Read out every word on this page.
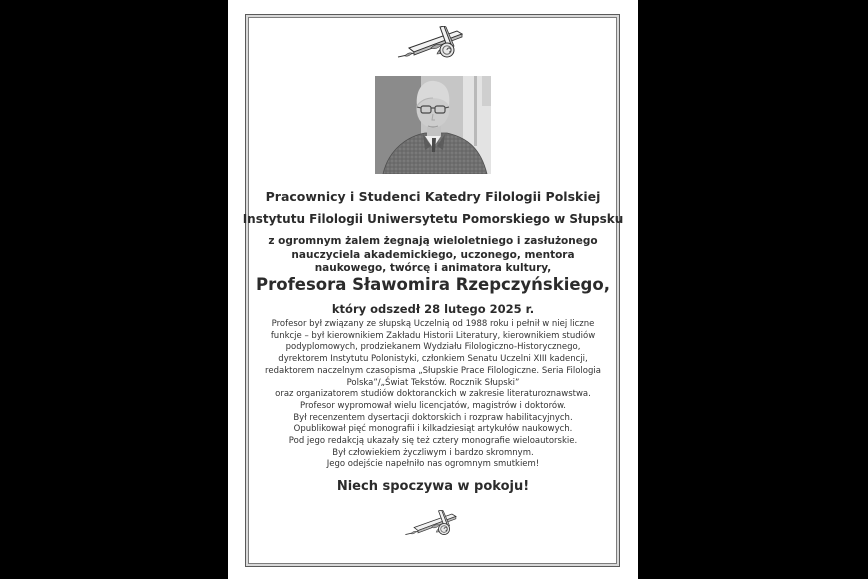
Pracownicy i Studenci Katedry Filologii Polskiej
Instytutu Filologii Uniwersytetu Pomorskiego w Słupsku
z ogromnym żalem żegnają wieloletniego i zasłużonego
nauczyciela akademickiego, uczonego, mentora
naukowego, twórcę i animatora kultury,
Profesora Sławomira Rzepczyńskiego,
który odszedł 28 lutego 2025 r.
Profesor był związany ze słupską Uczelnią od 1988 roku i pełnił w niej liczne
funkcje – był kierownikiem Zakładu Historii Literatury, kierownikiem studiów
podyplomowych, prodziekanem Wydziału Filologiczno-Historycznego,
dyrektorem Instytutu Polonistyki, członkiem Senatu Uczelni XIII kadencji,
redaktorem naczelnym czasopisma „Słupskie Prace Filologiczne. Seria Filologia
Polska”/„Świat Tekstów. Rocznik Słupski”
oraz organizatorem studiów doktoranckich w zakresie literaturoznawstwa.
Profesor wypromował wielu licencjatów, magistrów i doktorów.
Był recenzentem dysertacji doktorskich i rozpraw habilitacyjnych.
Opublikował pięć monografii i kilkadziesiąt artykułów naukowych.
Pod jego redakcją ukazały się też cztery monografie wieloautorskie.
Był człowiekiem życzliwym i bardzo skromnym.
Jego odejście napełniło nas ogromnym smutkiem!
Niech spoczywa w pokoju!
